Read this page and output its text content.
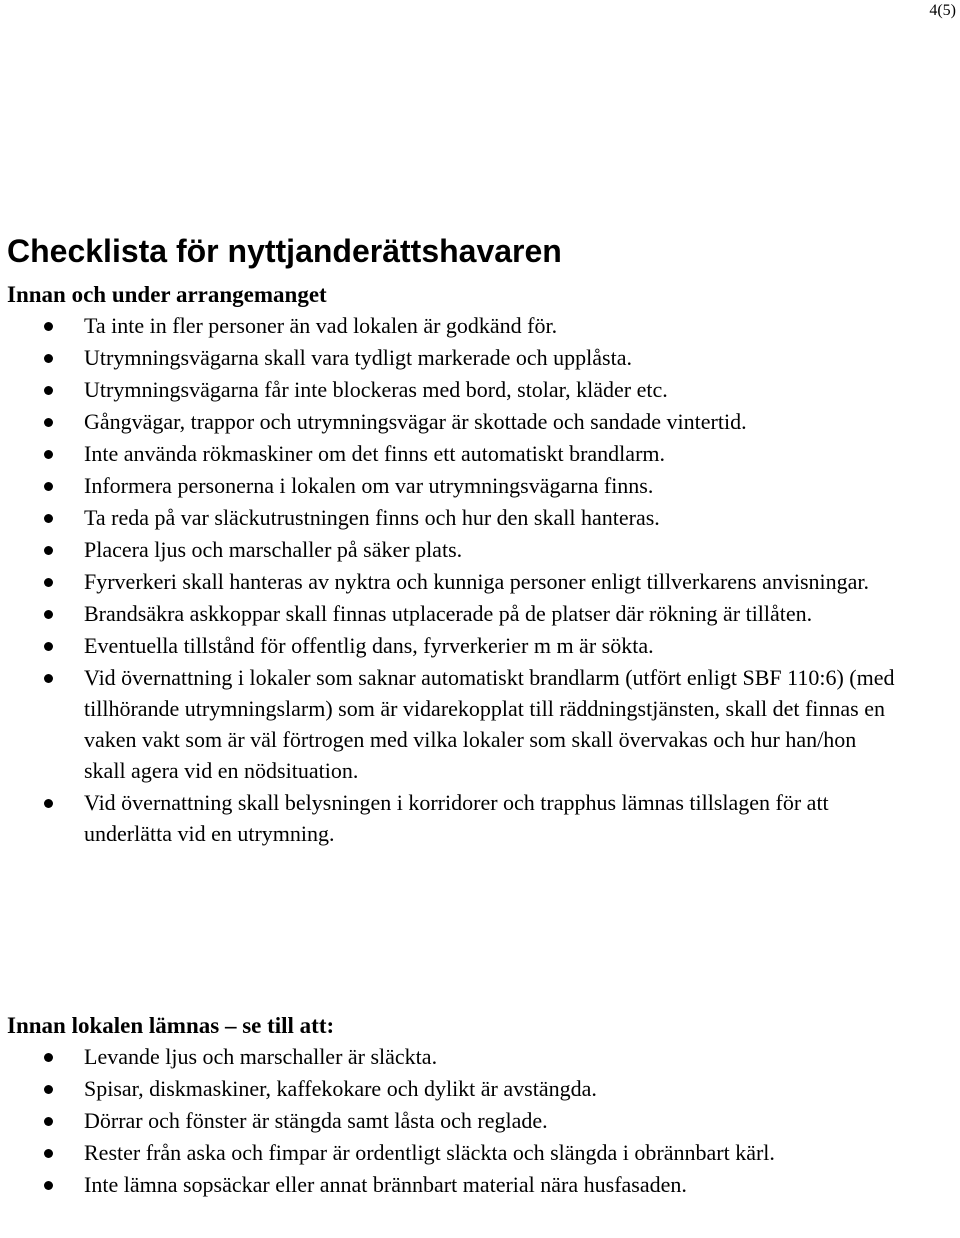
4(5)
Checklista för nyttjanderättshavaren
Innan och under arrangemanget
Ta inte in fler personer än vad lokalen är godkänd för.
Utrymningsvägarna skall vara tydligt markerade och upplåsta.
Utrymningsvägarna får inte blockeras med bord, stolar, kläder etc.
Gångvägar, trappor och utrymningsvägar är skottade och sandade vintertid.
Inte använda rökmaskiner om det finns ett automatiskt brandlarm.
Informera personerna i lokalen om var utrymningsvägarna finns.
Ta reda på var släckutrustningen finns och hur den skall hanteras.
Placera ljus och marschaller på säker plats.
Fyrverkeri skall hanteras av nyktra och kunniga personer enligt tillverkarens anvisningar.
Brandsäkra askkoppar skall finnas utplacerade på de platser där rökning är tillåten.
Eventuella tillstånd för offentlig dans, fyrverkerier m m är sökta.
Vid övernattning i lokaler som saknar automatiskt brandlarm (utfört enligt SBF 110:6) (med tillhörande utrymningslarm) som är vidarekopplat till räddningstjänsten, skall det finnas en vaken vakt som är väl förtrogen med vilka lokaler som skall övervakas och hur han/hon skall agera vid en nödsituation.
Vid övernattning skall belysningen i korridorer och trapphus lämnas tillslagen för att underlätta vid en utrymning.
Innan lokalen lämnas – se till att:
Levande ljus och marschaller är släckta.
Spisar, diskmaskiner, kaffekokare och dylikt är avstängda.
Dörrar och fönster är stängda samt låsta och reglade.
Rester från aska och fimpar är ordentligt släckta och slängda i obrännbart kärl.
Inte lämna sopsäckar eller annat brännbart material nära husfasaden.
